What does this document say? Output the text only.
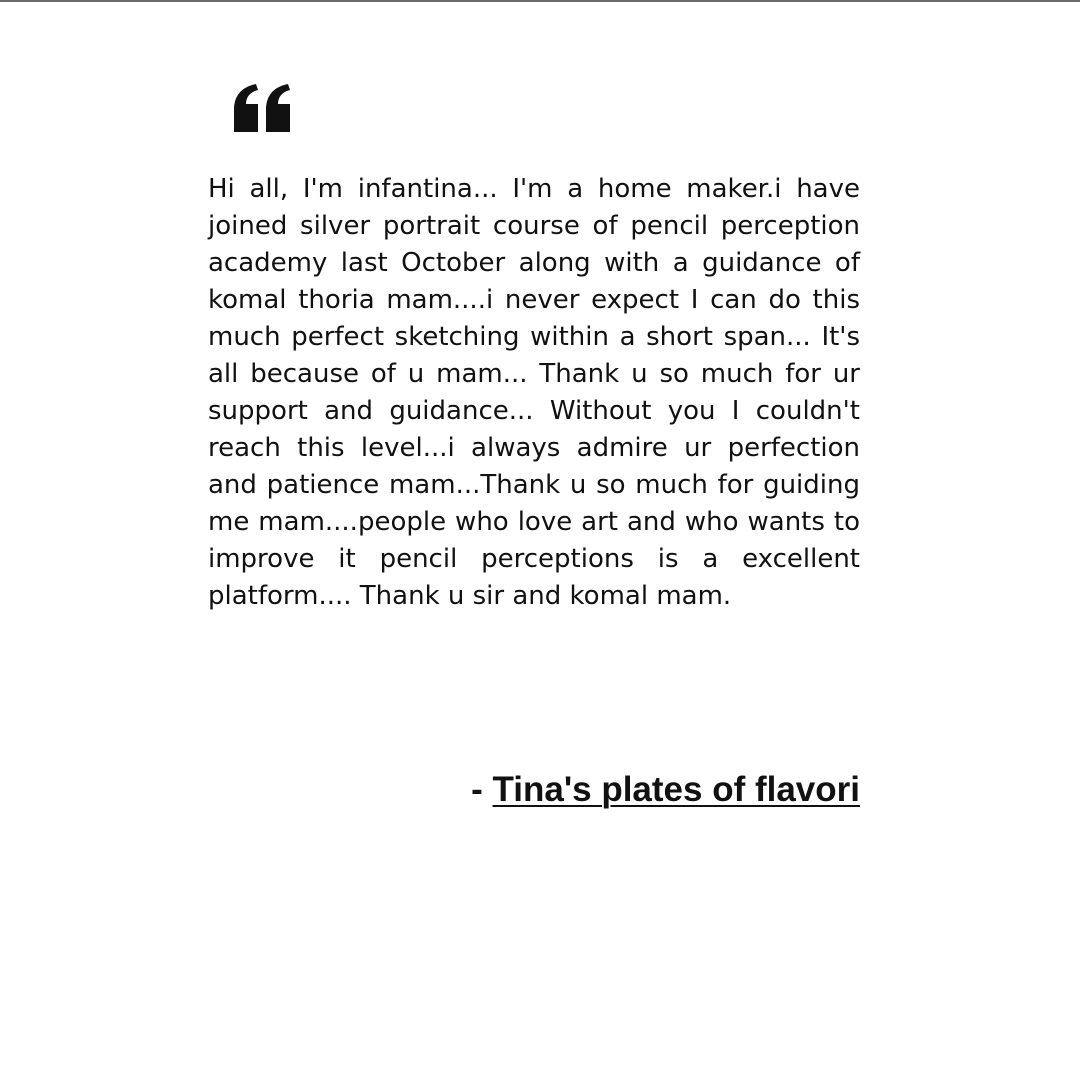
Hi all, I'm infantina... I'm a home maker.i have joined silver portrait course of pencil perception academy last October along with a guidance of komal thoria mam....i never expect I can do this much perfect sketching within a short span... It's all because of u mam... Thank u so much for ur support and guidance... Without you I couldn't reach this level...i always admire ur perfection and patience mam...Thank u so much for guiding me mam....people who love art and who wants to improve it pencil perceptions is a excellent platform.... Thank u sir and komal mam.

- Tina's plates of flavori
